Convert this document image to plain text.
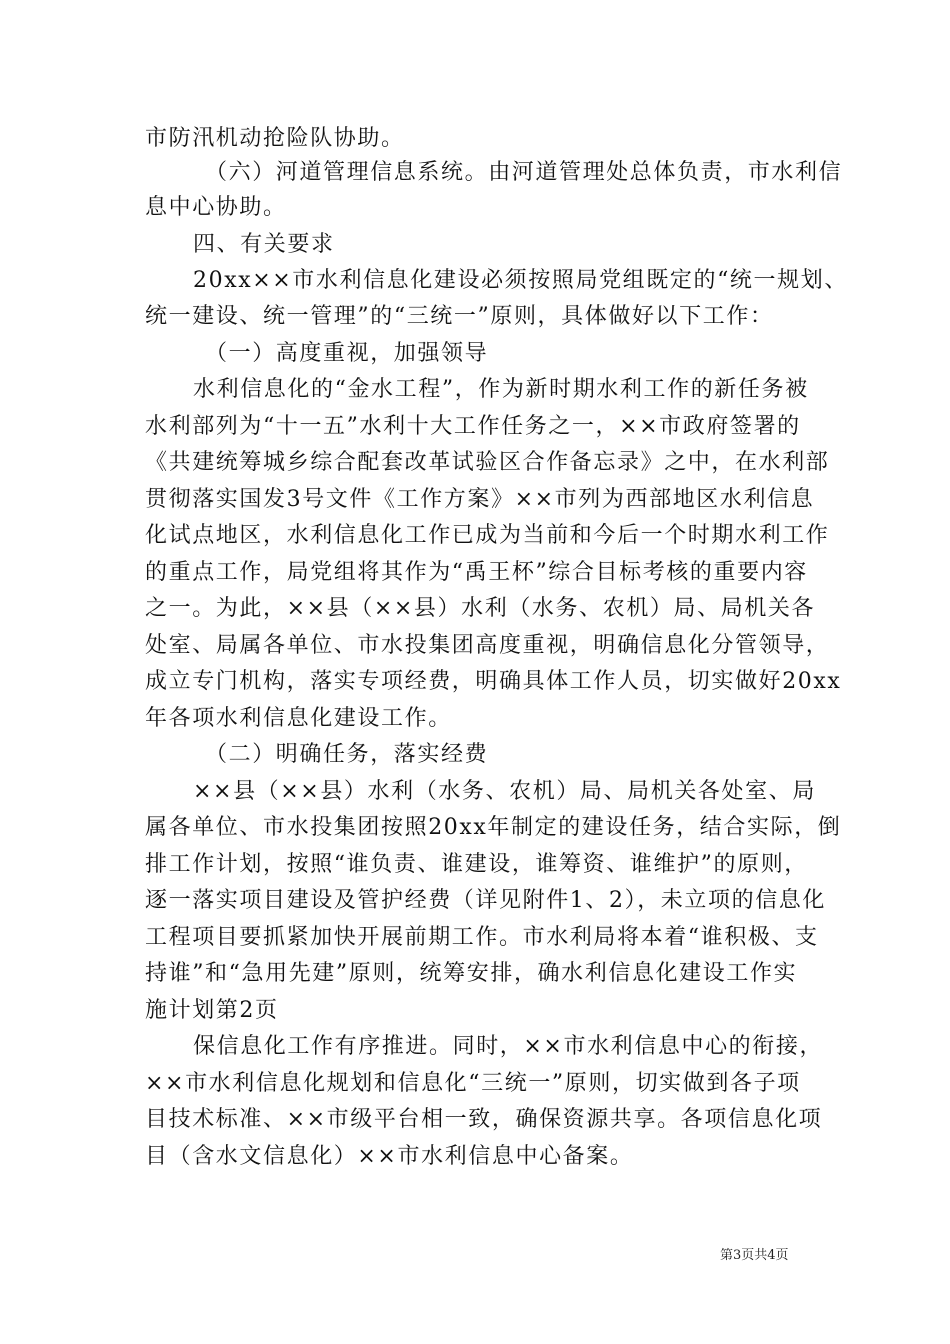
市防汛机动抢险队协助。
（六）河道管理信息系统。由河道管理处总体负责，市水利信
息中心协助。
四、有关要求
20xx××市水利信息化建设必须按照局党组既定的“统一规划、
统一建设、统一管理”的“三统一”原则，具体做好以下工作：
（一）高度重视，加强领导
水利信息化的“金水工程”，作为新时期水利工作的新任务被
水利部列为“十一五”水利十大工作任务之一，××市政府签署的
《共建统筹城乡综合配套改革试验区合作备忘录》之中，在水利部
贯彻落实国发3号文件《工作方案》××市列为西部地区水利信息
化试点地区，水利信息化工作已成为当前和今后一个时期水利工作
的重点工作，局党组将其作为“禹王杯”综合目标考核的重要内容
之一。为此，××县（××县）水利（水务、农机）局、局机关各
处室、局属各单位、市水投集团高度重视，明确信息化分管领导，
成立专门机构，落实专项经费，明确具体工作人员，切实做好20xx
年各项水利信息化建设工作。
（二）明确任务，落实经费
××县（××县）水利（水务、农机）局、局机关各处室、局
属各单位、市水投集团按照20xx年制定的建设任务，结合实际，倒
排工作计划，按照“谁负责、谁建设，谁筹资、谁维护”的原则，
逐一落实项目建设及管护经费（详见附件1、2），未立项的信息化
工程项目要抓紧加快开展前期工作。市水利局将本着“谁积极、支
持谁”和“急用先建”原则，统筹安排，确水利信息化建设工作实
施计划第2页
保信息化工作有序推进。同时，××市水利信息中心的衔接，
××市水利信息化规划和信息化“三统一”原则，切实做到各子项
目技术标准、××市级平台相一致，确保资源共享。各项信息化项
目（含水文信息化）××市水利信息中心备案。
第3页共4页
